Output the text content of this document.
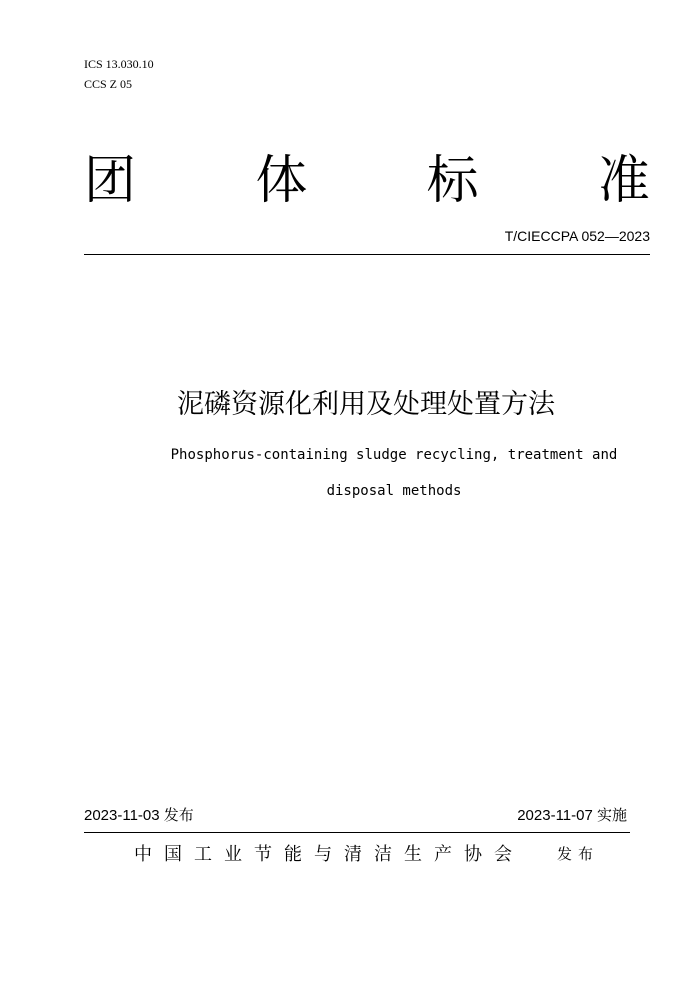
ICS 13.030.10
CCS Z 05
团 体 标 准
T/CIECCPA 052—2023
泥磷资源化利用及处理处置方法
Phosphorus-containing sludge recycling, treatment and disposal methods
2023-11-03 发布	2023-11-07 实施
中国工业节能与清洁生产协会 发布
